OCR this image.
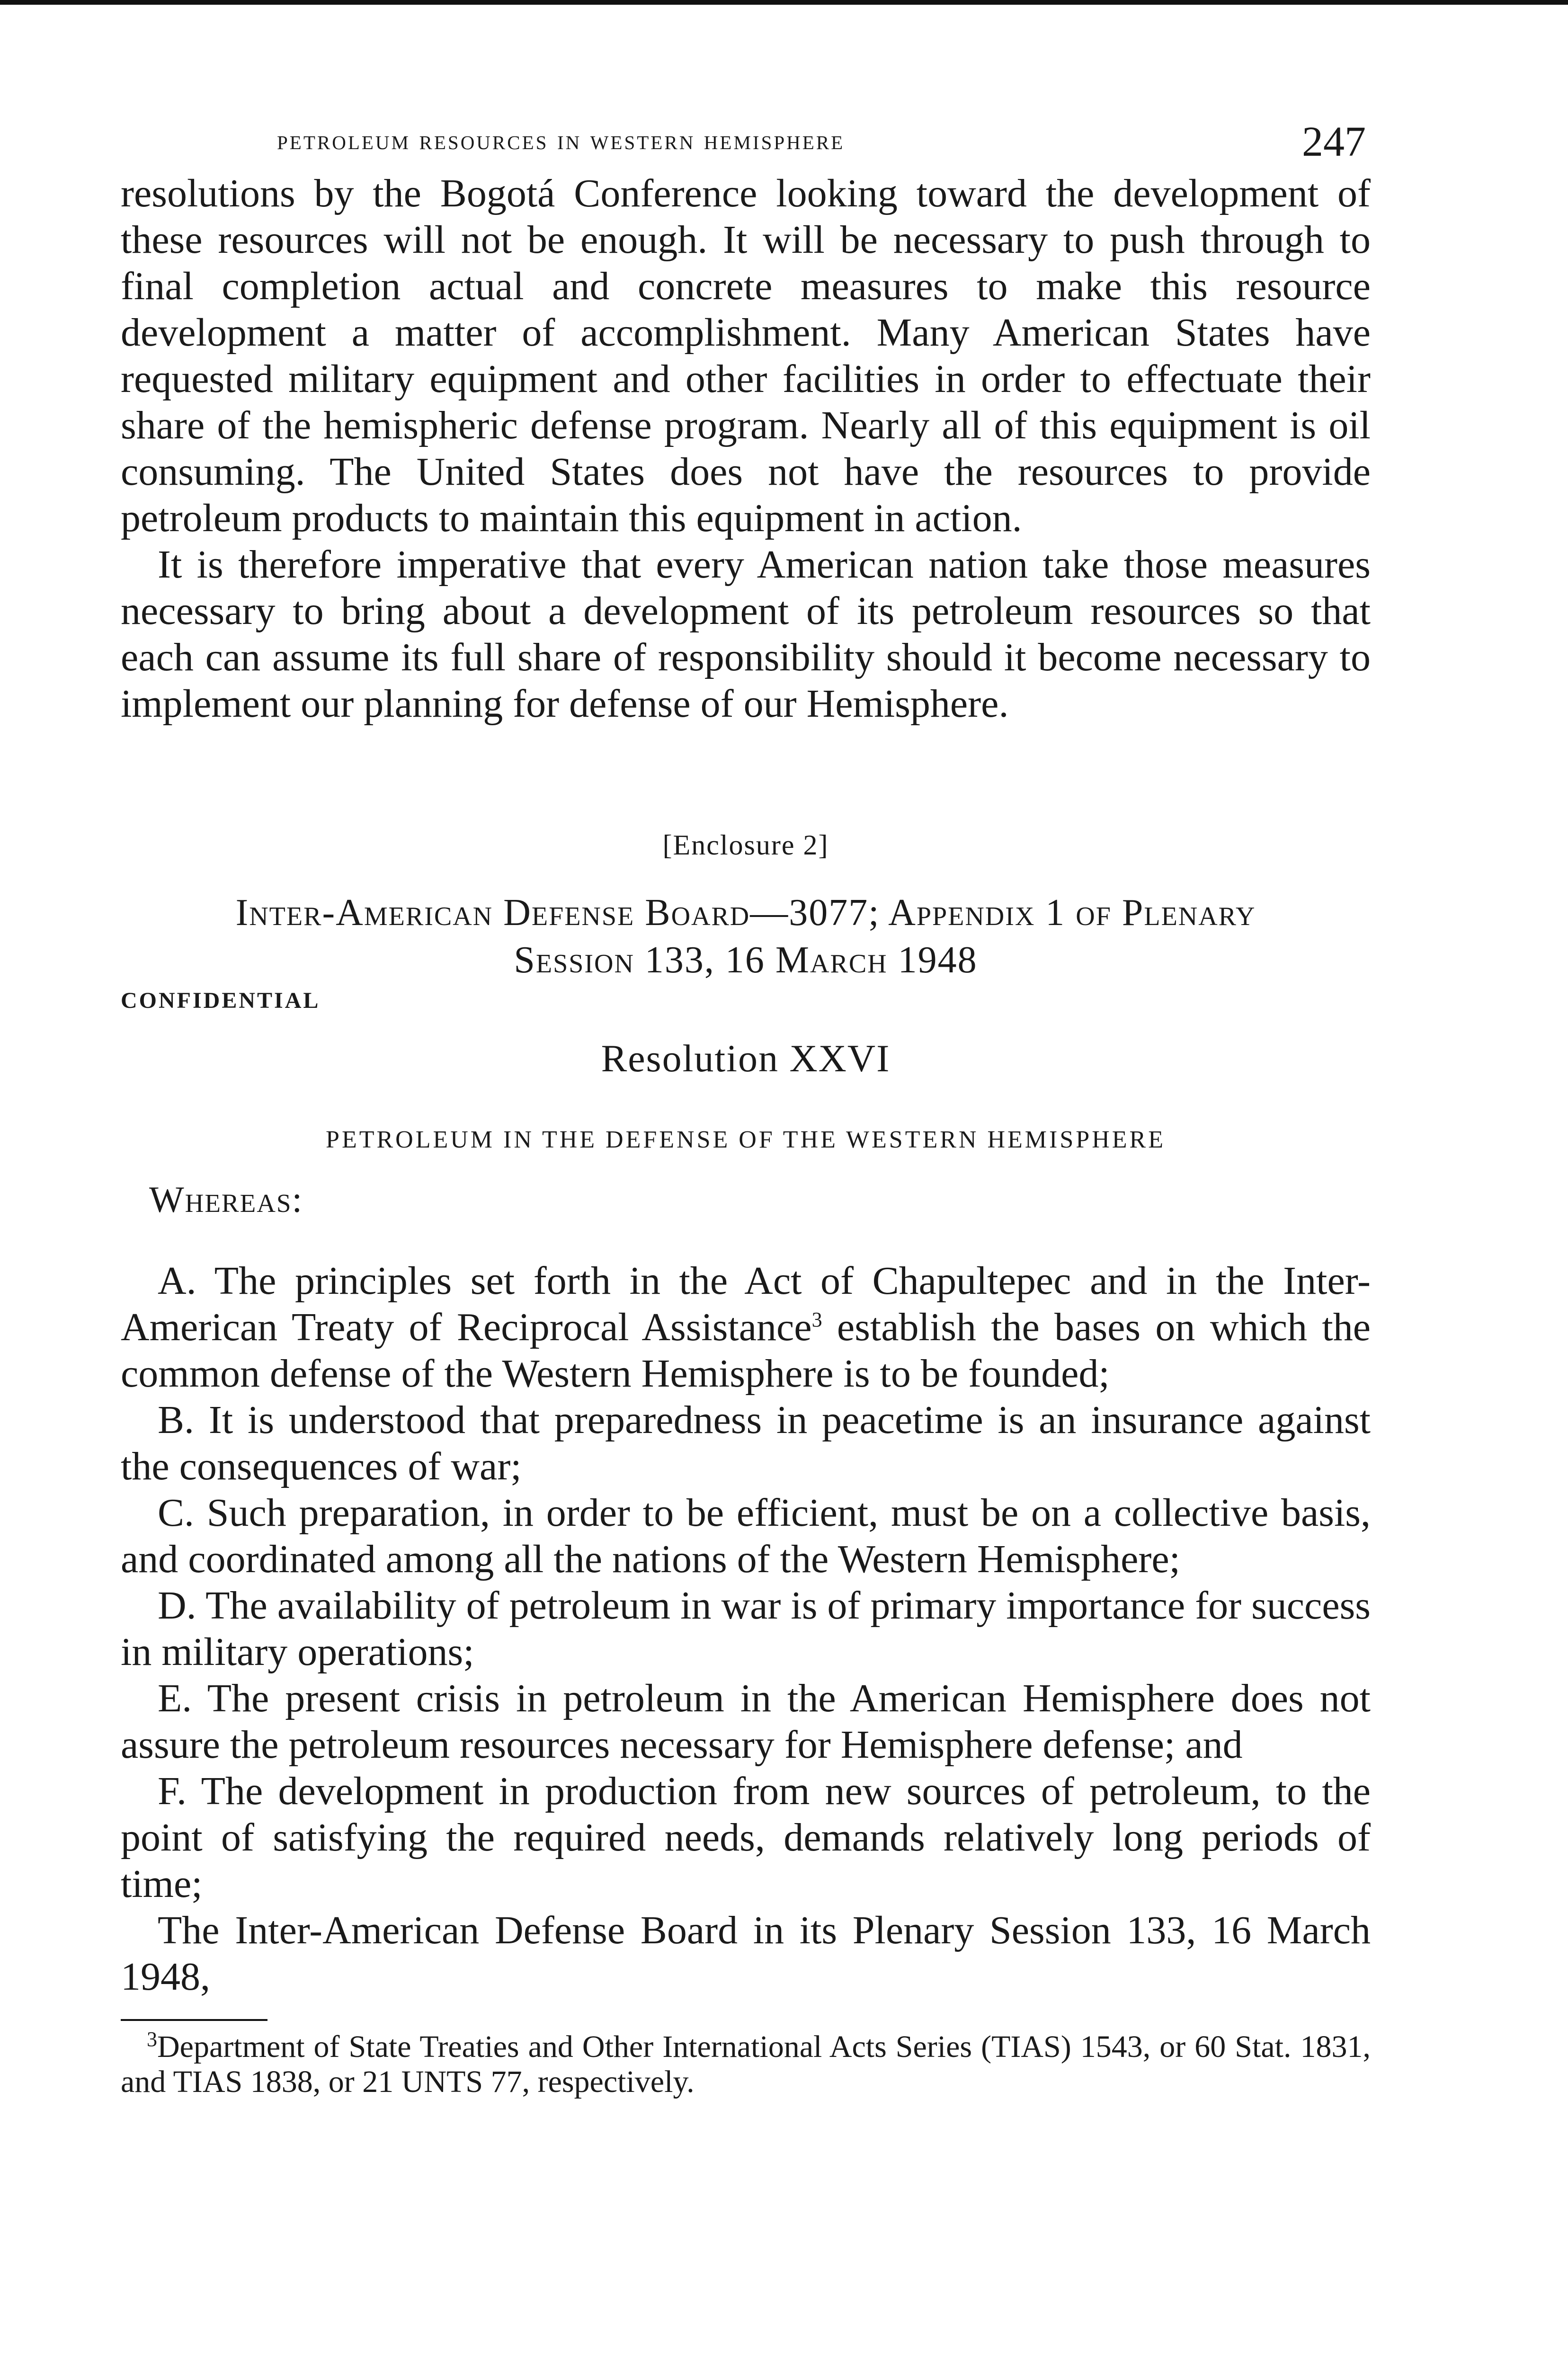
petroleum resources in western hemisphere	247

resolutions by the Bogotá Conference looking toward the development of these resources will not be enough. It will be necessary to push through to final completion actual and concrete measures to make this resource development a matter of accomplishment. Many American States have requested military equipment and other facilities in order to effectuate their share of the hemispheric defense program. Nearly all of this equipment is oil consuming. The United States does not have the resources to provide petroleum products to maintain this equipment in action.

It is therefore imperative that every American nation take those measures necessary to bring about a development of its petroleum resources so that each can assume its full share of responsibility should it become necessary to implement our planning for defense of our Hemisphere.

[Enclosure 2]

Inter-American Defense Board—3077; Appendix 1 of Plenary
Session 133, 16 March 1948

CONFIDENTIAL

Resolution XXVI

PETROLEUM IN THE DEFENSE OF THE WESTERN HEMISPHERE

Whereas:

A. The principles set forth in the Act of Chapultepec and in the Inter-American Treaty of Reciprocal Assistance$^3$ establish the bases on which the common defense of the Western Hemisphere is to be founded;

B. It is understood that preparedness in peacetime is an insurance against the consequences of war;

C. Such preparation, in order to be efficient, must be on a collective basis, and coordinated among all the nations of the Western Hemisphere;

D. The availability of petroleum in war is of primary importance for success in military operations;

E. The present crisis in petroleum in the American Hemisphere does not assure the petroleum resources necessary for Hemisphere defense; and

F. The development in production from new sources of petroleum, to the point of satisfying the required needs, demands relatively long periods of time;

The Inter-American Defense Board in its Plenary Session 133, 16 March 1948,

$^3$Department of State Treaties and Other International Acts Series (TIAS) 1543, or 60 Stat. 1831, and TIAS 1838, or 21 UNTS 77, respectively.
